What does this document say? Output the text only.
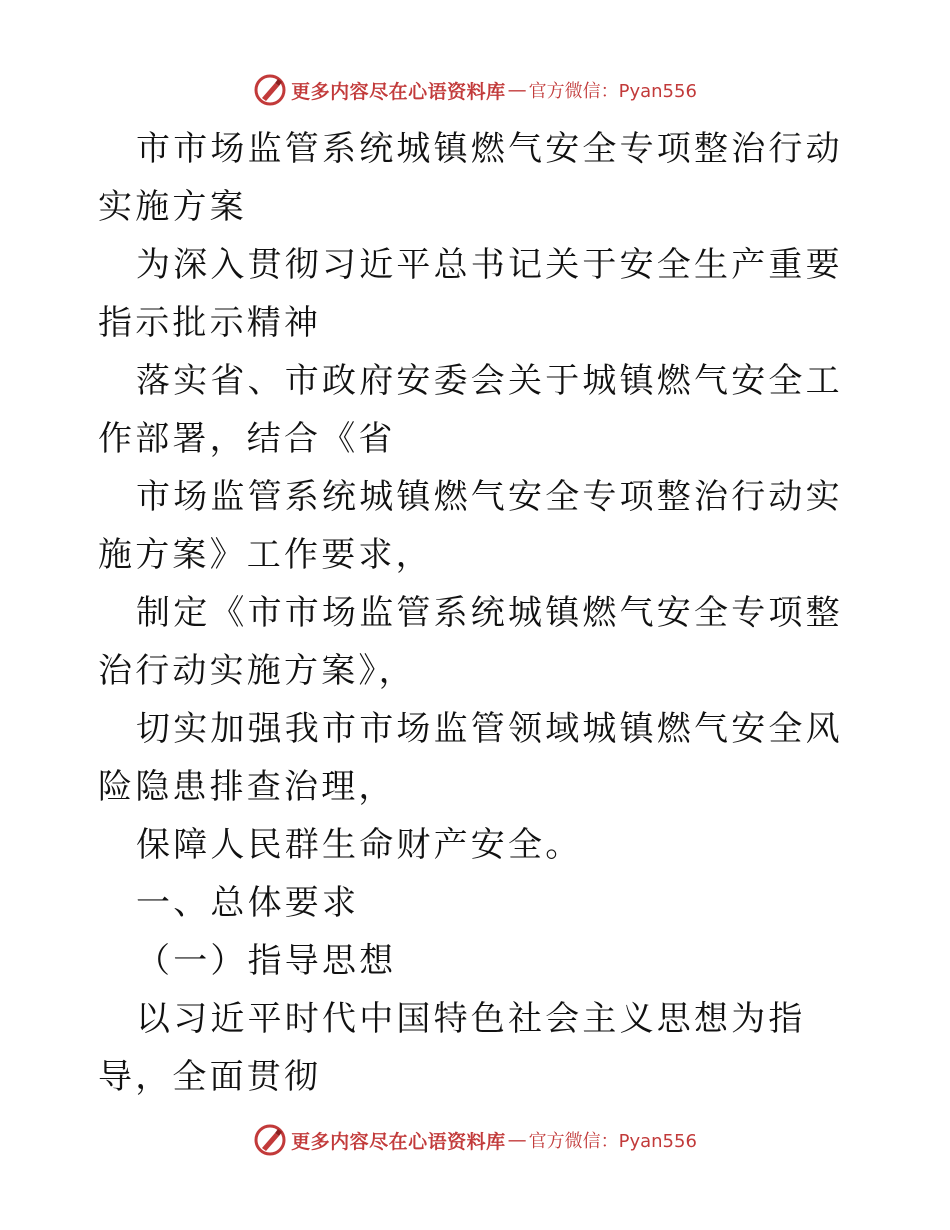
更多内容尽在心语资料库 — 官方微信：Pyan556

市市场监管系统城镇燃气安全专项整治行动实施方案

为深入贯彻习近平总书记关于安全生产重要指示批示精神

落实省、市政府安委会关于城镇燃气安全工作部署，结合《省

市场监管系统城镇燃气安全专项整治行动实施方案》工作要求，

制定《市市场监管系统城镇燃气安全专项整治行动实施方案》，

切实加强我市市场监管领域城镇燃气安全风险隐患排查治理，

保障人民群生命财产安全。

一、总体要求

（一）指导思想

以习近平时代中国特色社会主义思想为指导，全面贯彻

更多内容尽在心语资料库 — 官方微信：Pyan556
